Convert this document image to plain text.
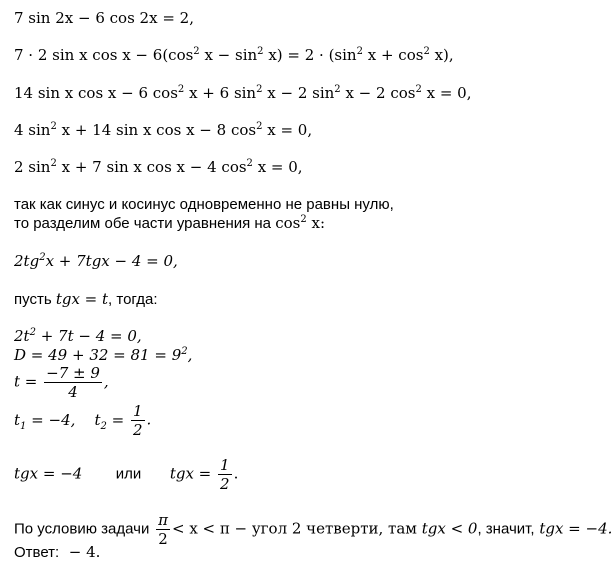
7 sin 2x − 6 cos 2x = 2,
7 · 2 sin x $\cos x - 6(\cos^2$ $x - \sin^2 x) = 2 \cdot (\sin^2$ $x + \cos^2 x$),
14 sin x cos x − 6 $\cos^2 x + 6$ $\sin^2 x - 2$ $\sin^2 x - 2$ $\cos^2 x = 0$,
4 $\sin^2 x + 14$ sin x cos x − 8 $\cos^2 x = 0$,
2 $\sin^2 x + 7$ sin x cos x − 4 $\cos^2 x = 0$,
так как синус и косинус одновременно не равны нулю,
то разделим обе части уравнения на $\cos^2 x$:
$2tg^2x + 7tgx - 4 = 0$,
пусть tgx = t, тогда:
$2t^2 + 7t - 4 = 0$,
$D = 49 + 32 = 81 = 9^2$,
$t = \frac{-7 \pm 9}{4}$ ,
$t_1 = -4$, $t_2 = \frac{1}{2}$ .
tgx = −4 или tgx = $\frac{1}{2}$ .
По условию задачи $\frac{\pi}{2} < x < \pi$ − угол 2 четверти, там tgx < 0, значит, tgx = −4.
Ответ: − 4.
